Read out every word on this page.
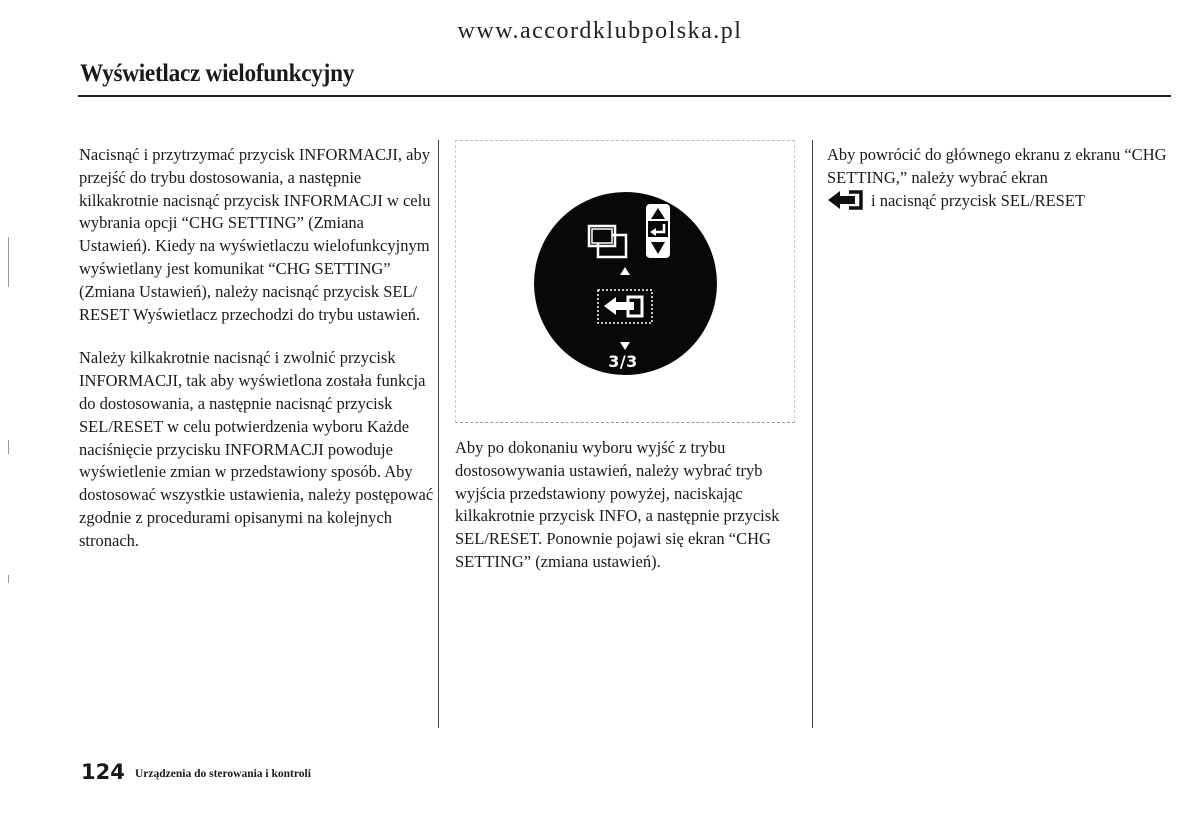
www.accordklubpolska.pl
Wyświetlacz wielofunkcyjny

Nacisnąć i przytrzymać przycisk INFORMACJI, aby przejść do trybu dostosowania, a następnie kilkakrotnie nacisnąć przycisk INFORMACJI w celu wybrania opcji “CHG SETTING” (Zmiana Ustawień). Kiedy na wyświetlaczu wielofunkcyjnym wyświetlany jest komunikat “CHG SETTING” (Zmiana Ustawień), należy nacisnąć przycisk SEL/ RESET Wyświetlacz przechodzi do trybu ustawień.

Należy kilkakrotnie nacisnąć i zwolnić przycisk INFORMACJI, tak aby wyświetlona została funkcja do dostosowania, a następnie nacisnąć przycisk SEL/RESET w celu potwierdzenia wyboru Każde naciśnięcie przycisku INFORMACJI powoduje wyświetlenie zmian w przedstawiony sposób. Aby dostosować wszystkie ustawienia, należy postępować zgodnie z procedurami opisanymi na kolejnych stronach.

3/3

Aby po dokonaniu wyboru wyjść z trybu dostosowywania ustawień, należy wybrać tryb wyjścia przedstawiony powyżej, naciskając kilkakrotnie przycisk INFO, a następnie przycisk SEL/RESET. Ponownie pojawi się ekran “CHG SETTING” (zmiana ustawień).

Aby powrócić do głównego ekranu z ekranu “CHG SETTING,” należy wybrać ekran
i nacisnąć przycisk SEL/RESET

124 Urządzenia do sterowania i kontroli
